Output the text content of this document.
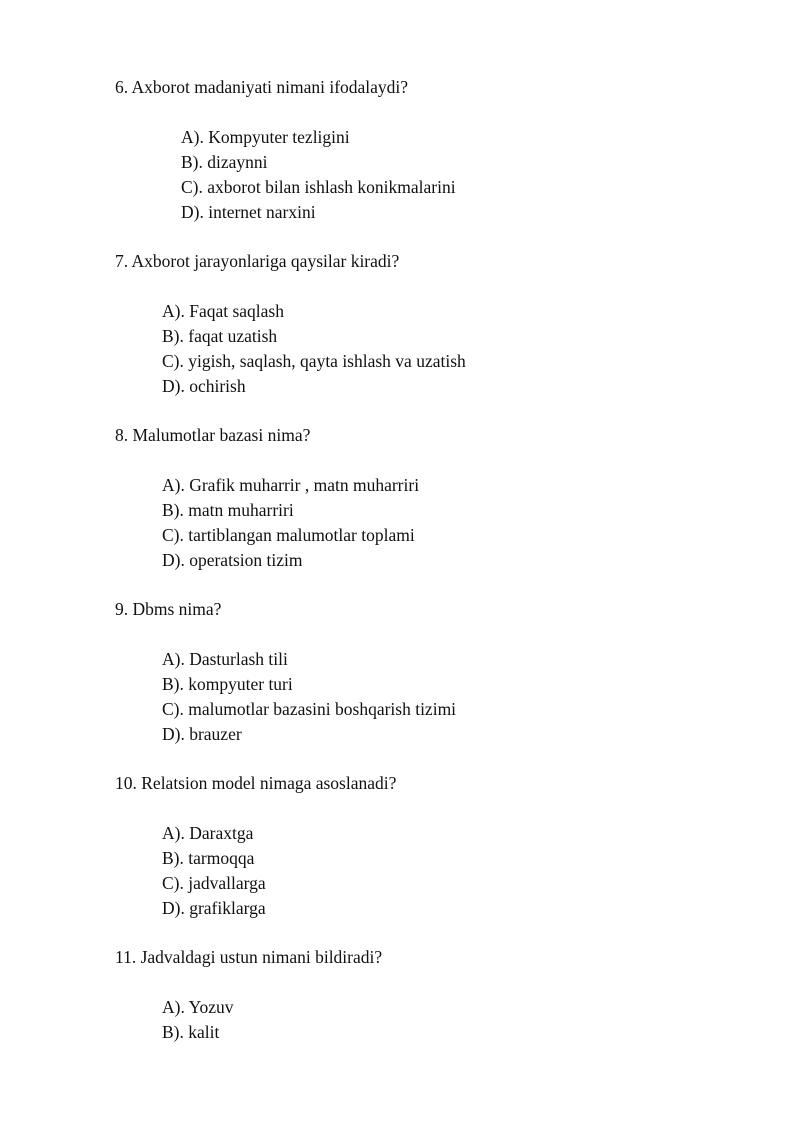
6. Axborot madaniyati nimani ifodalaydi?

A). Kompyuter tezligini
B). dizaynni
C). axborot bilan ishlash konikmalarini
D). internet narxini

7. Axborot jarayonlariga qaysilar kiradi?

A). Faqat saqlash
B). faqat uzatish
C). yigish, saqlash, qayta ishlash va uzatish
D). ochirish

8. Malumotlar bazasi nima?

A). Grafik muharrir , matn muharriri
B). matn muharriri
C). tartiblangan malumotlar toplami
D). operatsion tizim

9. Dbms nima?

A). Dasturlash tili
B). kompyuter turi
C). malumotlar bazasini boshqarish tizimi
D). brauzer

10. Relatsion model nimaga asoslanadi?

A). Daraxtga
B). tarmoqqa
C). jadvallarga
D). grafiklarga

11. Jadvaldagi ustun nimani bildiradi?

A). Yozuv
B). kalit
